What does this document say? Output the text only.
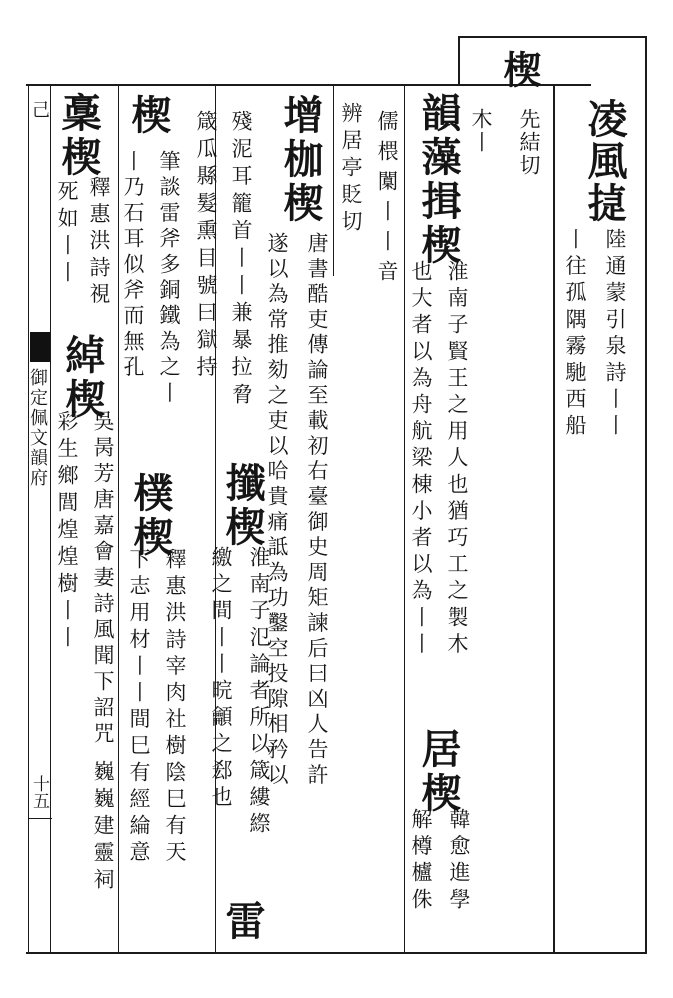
己
御定佩文韻府
十五
楔
先結切
木丨 凌風㨗
陸通蒙引泉詩丨丨
丨往孤隅霧馳西船
韻藻揖楔
淮南子賢王之用人也猶巧工之製木
也大者以為舟航梁棟小者以為丨丨
居楔
韓愈進學
解樽櫨侏
儒椳闑丨丨音
辨居亭貶切
增枷楔
唐書酷吏傳論至載初右臺御史周矩諫后曰凶人告許
遂以為常推劾之吏以哈貴痛詆為功鑿空投隙相矜以
殘泥耳籠首丨丨兼暴拉脅
攕楔
淮南子氾論者所以箴縷縩
箴瓜縣髮熏目號曰獄持
繳之間丨丨晥龥之郄也
雷
楔
筆談雷斧多銅鐵為之丨
樸楔
釋惠洪詩宰肉社樹陰巳有天
丨乃石耳似斧而無孔
下志用材丨丨間巳有經綸意
稾楔
釋惠洪詩視
死如丨丨
綽楔
吳昺芳唐嘉會妻詩風聞下詔咒
彩生鄉閭煌煌樹丨丨
巍巍建靈祠
